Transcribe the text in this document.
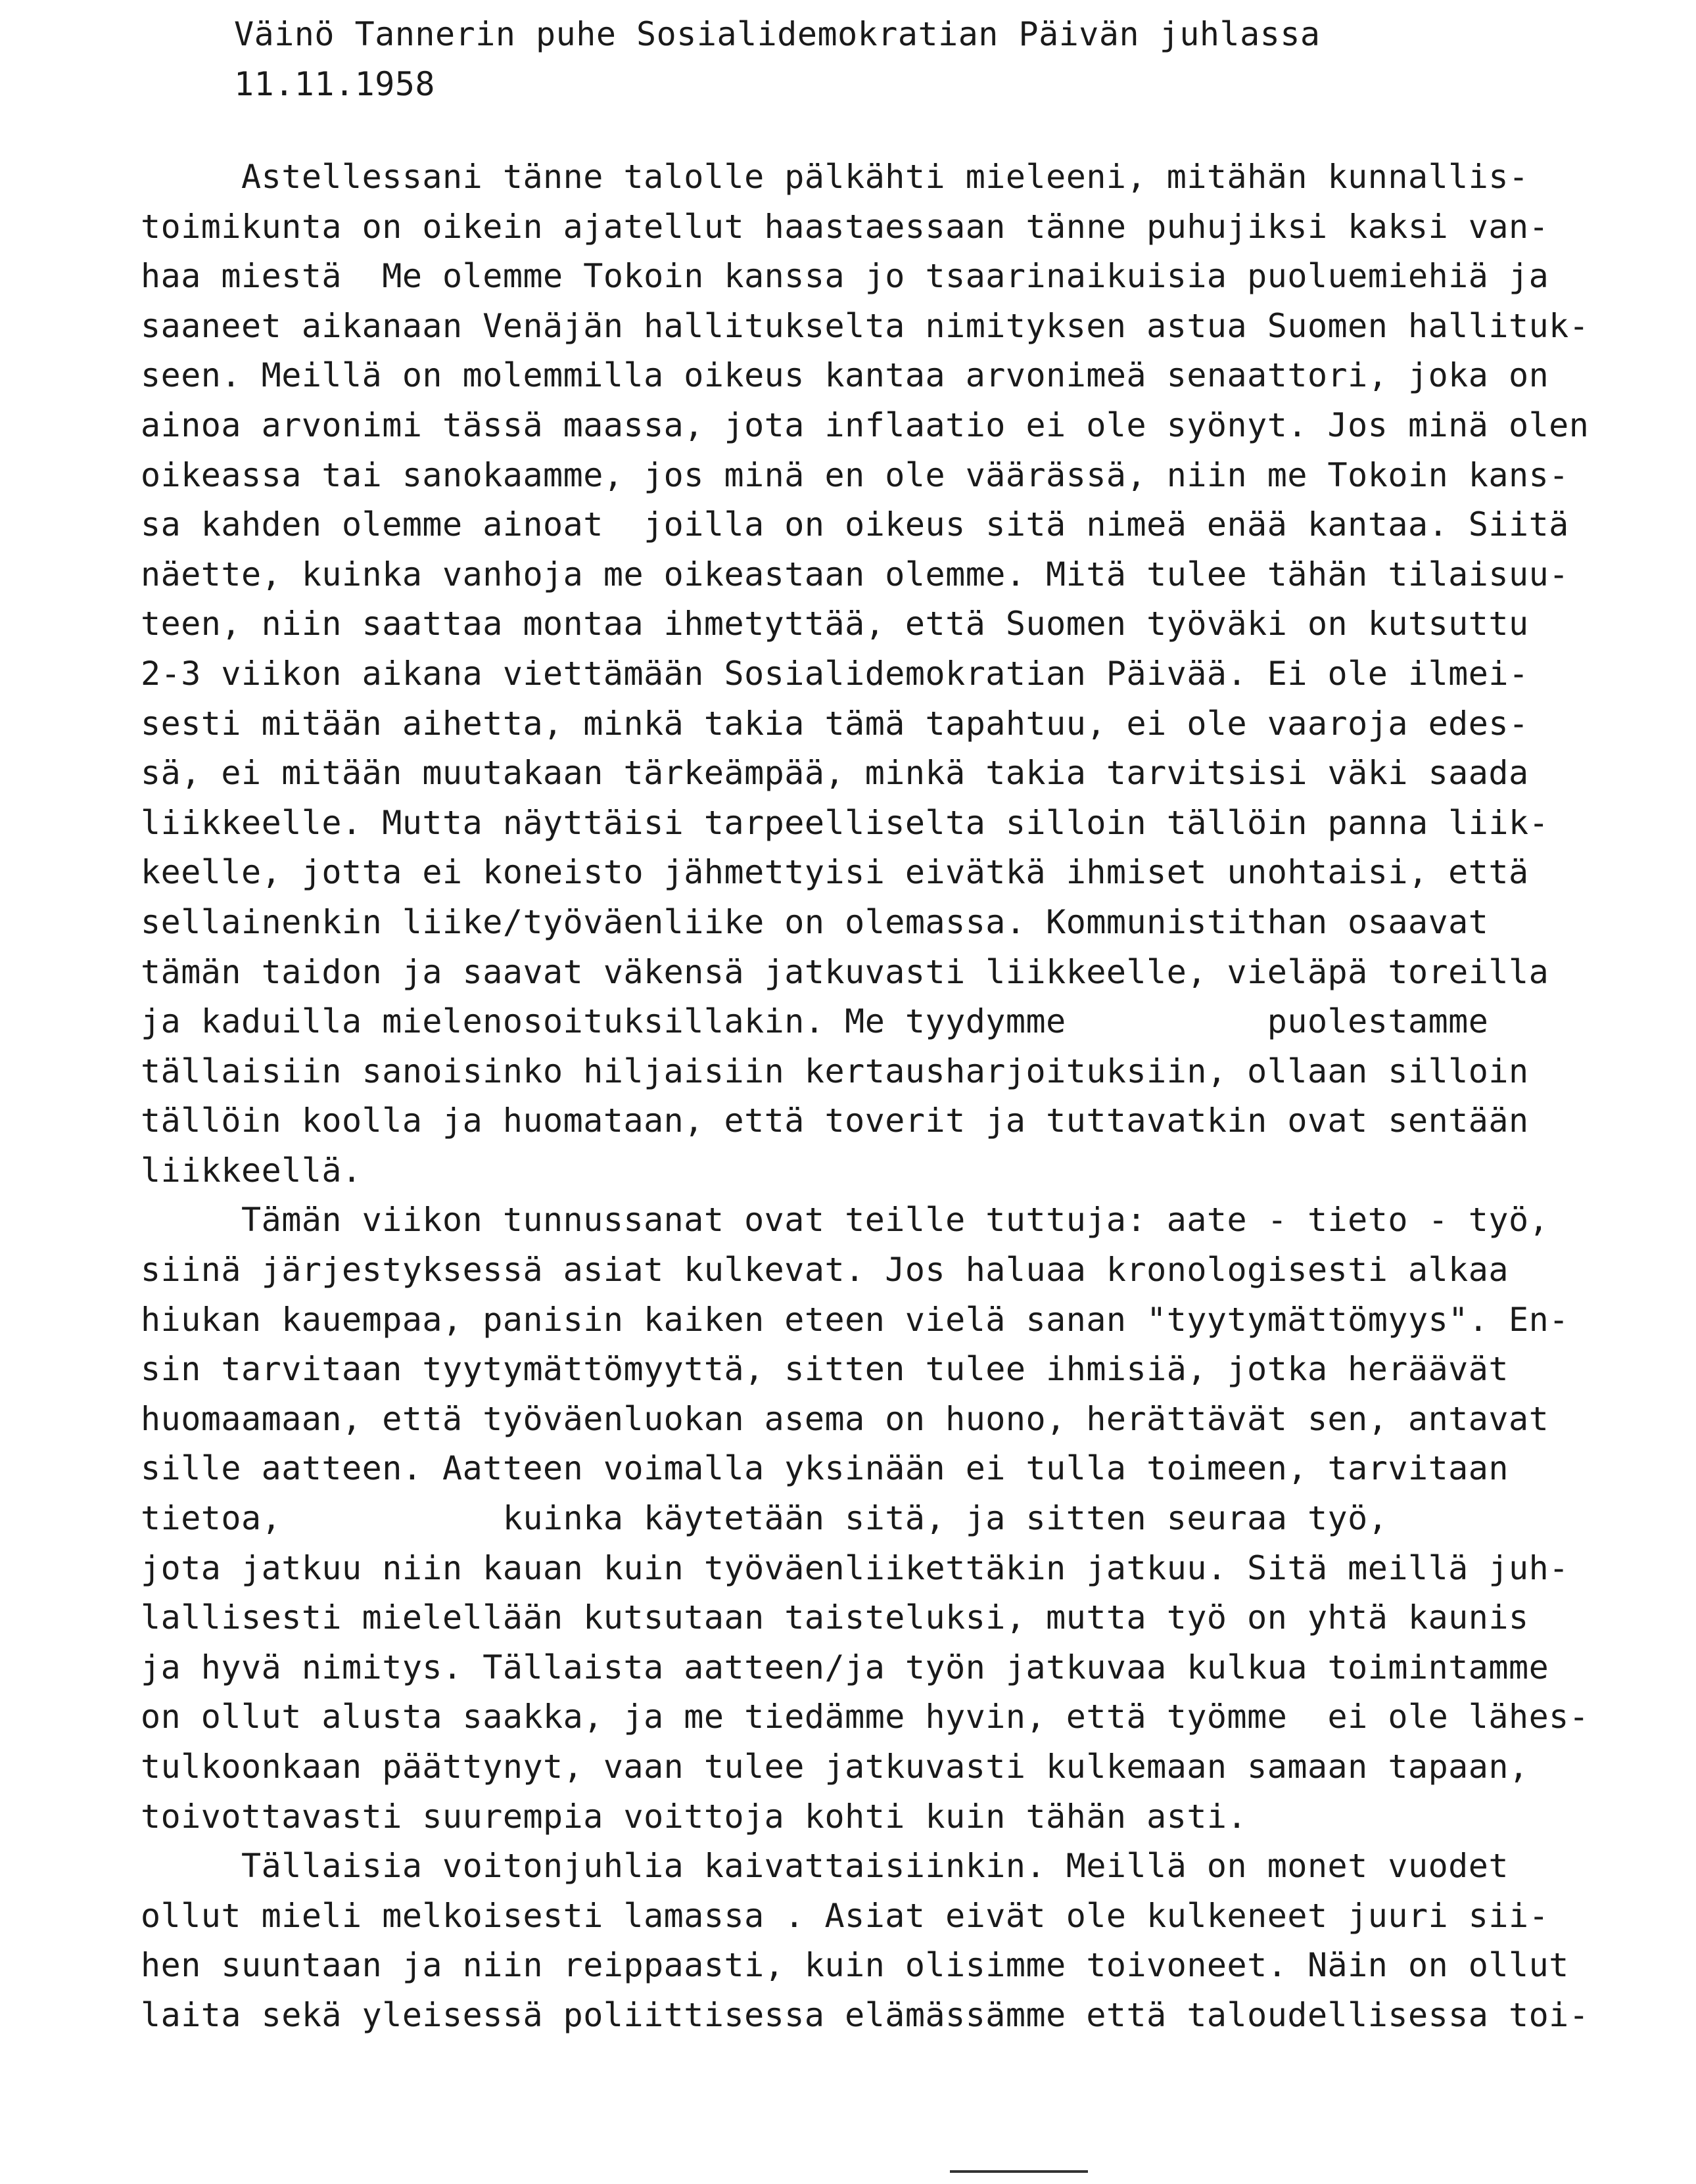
Väinö Tannerin puhe Sosialidemokratian Päivän juhlassa
11.11.1958
Astellessani tänne talolle pälkähti mieleeni, mitähän kunnallis-
toimikunta on oikein ajatellut haastaessaan tänne puhujiksi kaksi van-
haa miestä  Me olemme Tokoin kanssa jo tsaarinaikuisia puoluemiehiä ja
saaneet aikanaan Venäjän hallitukselta nimityksen astua Suomen hallituk-
seen. Meillä on molemmilla oikeus kantaa arvonimeä senaattori, joka on
ainoa arvonimi tässä maassa, jota inflaatio ei ole syönyt. Jos minä olen
oikeassa tai sanokaamme, jos minä en ole väärässä, niin me Tokoin kans-
sa kahden olemme ainoat  joilla on oikeus sitä nimeä enää kantaa. Siitä
näette, kuinka vanhoja me oikeastaan olemme. Mitä tulee tähän tilaisuu-
teen, niin saattaa montaa ihmetyttää, että Suomen työväki on kutsuttu
2-3 viikon aikana viettämään Sosialidemokratian Päivää. Ei ole ilmei-
sesti mitään aihetta, minkä takia tämä tapahtuu, ei ole vaaroja edes-
sä, ei mitään muutakaan tärkeämpää, minkä takia tarvitsisi väki saada
liikkeelle. Mutta näyttäisi tarpeelliselta silloin tällöin panna liik-
keelle, jotta ei koneisto jähmettyisi eivätkä ihmiset unohtaisi, että
sellainenkin liike/työväenliike on olemassa. Kommunistithan osaavat
tämän taidon ja saavat väkensä jatkuvasti liikkeelle, vieläpä toreilla
ja kaduilla mielenosoituksillakin. Me tyydymme          puolestamme
tällaisiin sanoisinko hiljaisiin kertausharjoituksiin, ollaan silloin
tällöin koolla ja huomataan, että toverit ja tuttavatkin ovat sentään
liikkeellä.
Tämän viikon tunnussanat ovat teille tuttuja: aate - tieto - työ,
siinä järjestyksessä asiat kulkevat. Jos haluaa kronologisesti alkaa
hiukan kauempaa, panisin kaiken eteen vielä sanan "tyytymättömyys". En-
sin tarvitaan tyytymättömyyttä, sitten tulee ihmisiä, jotka heräävät
huomaamaan, että työväenluokan asema on huono, herättävät sen, antavat
sille aatteen. Aatteen voimalla yksinään ei tulla toimeen, tarvitaan
tietoa,           kuinka käytetään sitä, ja sitten seuraa työ,
jota jatkuu niin kauan kuin työväenliikettäkin jatkuu. Sitä meillä juh-
lallisesti mielellään kutsutaan taisteluksi, mutta työ on yhtä kaunis
ja hyvä nimitys. Tällaista aatteen/ja työn jatkuvaa kulkua toimintamme
on ollut alusta saakka, ja me tiedämme hyvin, että työmme  ei ole lähes-
tulkoonkaan päättynyt, vaan tulee jatkuvasti kulkemaan samaan tapaan,
toivottavasti suurempia voittoja kohti kuin tähän asti.
Tällaisia voitonjuhlia kaivattaisiinkin. Meillä on monet vuodet
ollut mieli melkoisesti lamassa . Asiat eivät ole kulkeneet juuri sii-
hen suuntaan ja niin reippaasti, kuin olisimme toivoneet. Näin on ollut
laita sekä yleisessä poliittisessa elämässämme että taloudellisessa toi-
